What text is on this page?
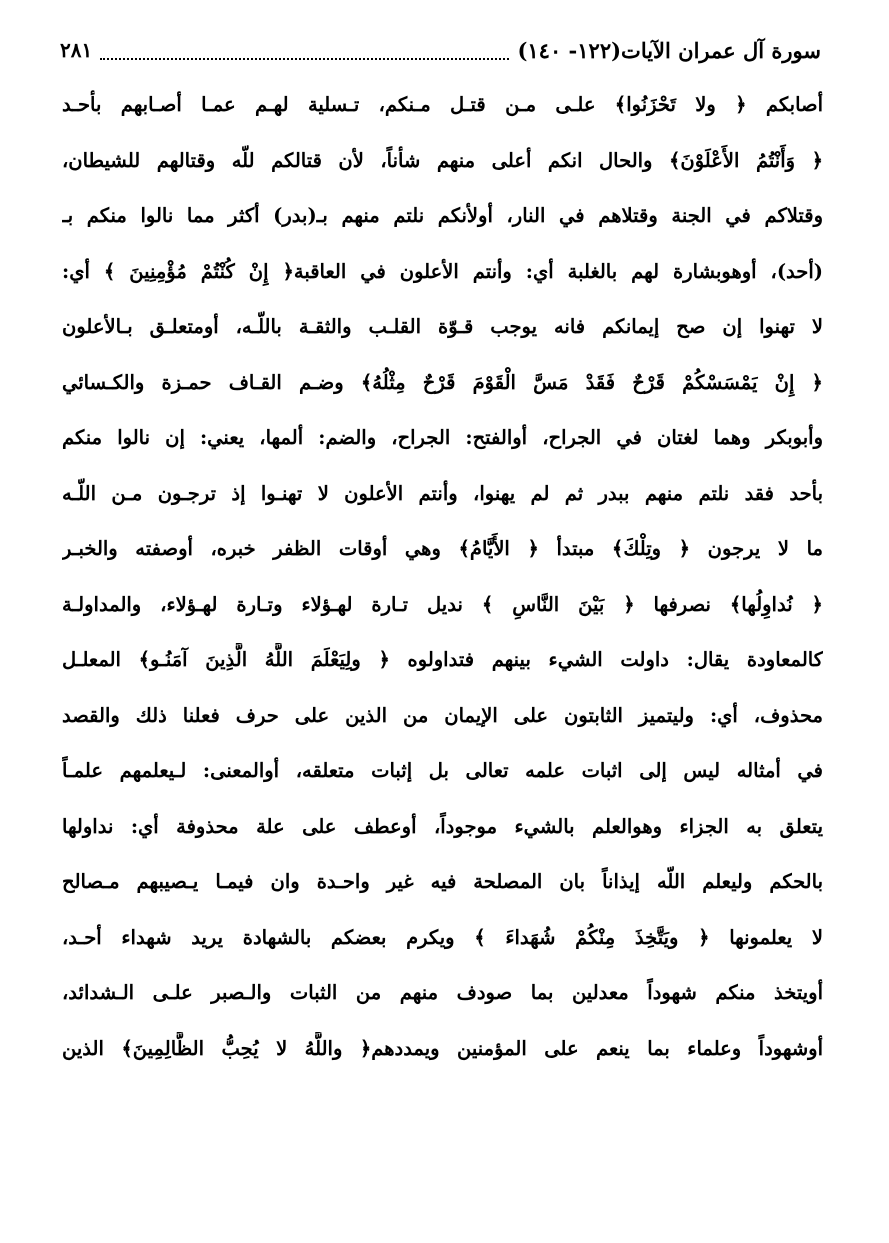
سورة آل عمران الآيات(١٢٢- ١٤٠)
٢٨١
أصابكم ﴿ ولا تَحْزَنُوا﴾ علـى مـن قتـل مـنكم، تـسلية لهـم عمـا أصـابهم بأحـد
﴿ وَأَنْتُمُ الأَعْلَوْنَ﴾ والحال انكم أعلى منهم شأناً، لأن قتالكم للّه وقتالهم للشيطان،
وقتلاكم في الجنة وقتلاهم في النار، أولأنكم نلتم منهم بـ(بدر) أكثر مما نالوا منكم بـ
(أحد)، أوهوبشارة لهم بالغلبة أي: وأنتم الأعلون في العاقبة﴿ إِنْ كُنْتُمْ مُؤْمِنِينَ ﴾ أي:
لا تهنوا إن صح إيمانكم فانه يوجب قـوّة القلـب والثقـة باللّـه، أومتعلـق بـالأعلون
﴿ إِنْ يَمْسَسْكُمْ قَرْحٌ فَقَدْ مَسَّ الْقَوْمَ قَرْحٌ مِثْلُهُ﴾ وضـم القـاف حمـزة والكـسائي
وأبوبكر وهما لغتان في الجراح، أوالفتح: الجراح، والضم: ألمها، يعني: إن نالوا منكم
بأحد فقد نلتم منهم ببدر ثم لم يهنوا، وأنتم الأعلون لا تهنـوا إذ ترجـون مـن اللّـه
ما لا يرجون ﴿ وتِلْكَ﴾ مبتدأ ﴿ الأَيَّامُ﴾ وهي أوقات الظفر خبره، أوصفته والخبـر
﴿ نُداوِلُها﴾ نصرفها ﴿ بَيْنَ النَّاسِ ﴾ نديل تـارة لهـؤلاء وتـارة لهـؤلاء، والمداولـة
كالمعاودة يقال: داولت الشيء بينهم فتداولوه ﴿ ولِيَعْلَمَ اللَّهُ الَّذِينَ آمَنُـو﴾ المعلـل
محذوف، أي: وليتميز الثابتون على الإيمان من الذين على حرف فعلنا ذلك والقصد
في أمثاله ليس إلى اثبات علمه تعالى بل إثبات متعلقه، أوالمعنى: لـيعلمهم علمـاً
يتعلق به الجزاء وهوالعلم بالشيء موجوداً، أوعطف على علة محذوفة أي: نداولها
بالحكم وليعلم اللّه إيذاناً بان المصلحة فيه غير واحـدة وان فيمـا يـصيبهم مـصالح
لا يعلمونها ﴿ ويَتَّخِذَ مِنْكُمْ شُهَداءَ ﴾ ويكرم بعضكم بالشهادة يريد شهداء أحـد،
أويتخذ منكم شهوداً معدلين بما صودف منهم من الثبات والـصبر علـى الـشدائد،
أوشهوداً وعلماء بما ينعم على المؤمنين ويمددهم﴿ واللَّهُ لا يُحِبُّ الظَّالِمِينَ﴾ الذين
